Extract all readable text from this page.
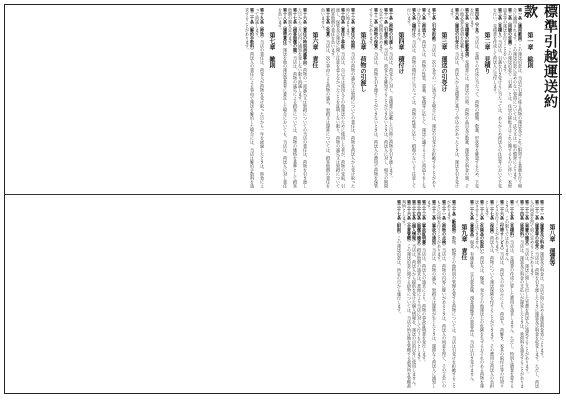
標準引越運送約款
第一章　総則
第一条（適用範囲）この運送約款は、当店が引越に係る荷物の運送及びこれに附帯する業務を行う場合に適用されます。この運送約款に定めのない事項については、法令又は一般の慣習によります。
第二条（用語の定義）この運送約款で「引越」とは、住居の移転又はこれに類するものに伴い、家財道具等の運送を行うことをいいます。
第三条（見積り）当店は、引越を引き受けるに当たっては、あらかじめ荷送人の住居等において下見を行い、見積書を作成して荷送人に交付します。
第二章　見積り
第四条（下見）当店は、見積りの作成に当たって、荷物の種類、数量、形状等を確認するため、下見を行います。
第五条（見積書の記載事項）見積書には、運送の日時、荷物の品目及び数量、運賃及び料金の額、その他必要な事項を記載します。
第六条（運送の引受け）当店は、荷送人から見積書に基づく申込みがあったときは、運送を引き受けます。
第三章　運送の引受け
第七条（引受拒絶）当店は、次の各号の一に該当する場合には、運送の引受けを拒絶することがあります。
第八条（荷造り）荷送人は、荷物の性質、重量、容積等に応じて、運送に適するように荷造りをしなければなりません。
第九条（積付け）当店は、荷物の積付けに当たっては、荷物の性質に応じ、損傷のないよう注意して行います。
第四章　積付け
第十条（荷物の引渡し）当店は、荷受人に対し、見積書に記載した日時に荷物を引き渡します。
第十一条（引渡不能）当店は、荷受人を確知することができないときは、荷送人に対し、相当の期間を定めて指図を求めます。
第十二条（荷物の保管）当店は、荷物を引き渡すことができないときは、荷送人の費用で荷物を保管することがあります。
第五章　荷物の引渡し
第十三条（責任の始期）当店の荷物の滅失又は毀損についての責任は、荷物を荷送人から受け取った時に始まります。
第十四条（責任と挙証）当店は、自己又は使用人その他運送のために使用した者が、荷物の受取、引渡し、保管及び運送に関し注意を怠らなかったことを証明しない限り、荷物の滅失又は毀損について損害賠償の責任を負います。
第十五条（免責）当店は、次の事由による荷物の滅失、毀損又は遅延については、損害賠償の責任を負いません。
第六章　責任
第十六条（責任の特別消滅事由）荷物の一部滅失又は毀損についての当店の責任は、荷物を引き渡した日から三月以内に通知を発しない限り消滅します。
第十七条（損害賠償の額）当店は、荷物の滅失による損害については、荷物の価格を基準として損害賠償の額を定めます。
第十八条（連帯責任）運送を他の運送事業者に委託した場合においても、当店は、荷送人に対し責任を負います。
第七章　雑則
第十九条（時効）当店の責任は、荷受人が荷物を受け取った日から一年を経過したときは、時効によって消滅します。
第二十条（解約手数料）荷送人の責任による事由で運送を解約した場合には、当店は解約手数料を請求することがあります。
第八章　運賃等
第二十一条（運賃及び料金）運賃及び料金は、当店が別に定める運賃料金表によります。
第二十二条（運賃等の収受）当店は、荷物を引き渡したときに運賃及び料金を収受します。ただし、荷送人の同意を得て別に定めることがあります。
第二十三条（実費の請求）当店は、運送に関し支出した実費を荷送人に請求することがあります。
第二十四条（延滞料）当店は、運賃及び料金の支払いが遅延したときは、延滞料を請求することがあります。
第二十五条（見積料）当店は、見積書の作成に要した費用を請求しません。ただし、特別な調査を要するときは、この限りではありません。
第二十六条（付帯サービス）当店は、荷送人の申込みにより、荷造り、荷解き、家具の取付け等の付帯サービスを行うことがあります。
第二十七条（保険）荷送人は、荷物について運送保険を付することができます。その費用は荷送人の負担とします。
第二十八条（危険品の取扱い）荷送人は、爆発、発火その他運送上の危険を生ずるおそれのある荷物を運送させることはできません。
第二十九条（貴重品）現金、有価証券、宝石貴金属、預金通帳等の貴重品は、当店は引き受けません。
第九章　責任
第三十条（動植物）動物、植物その他特別の管理を要する荷物については、当店は引受けを拒絶することがあります。
第三十一条（荷物の点検）当店は、荷物の内容に疑いがあるときは、荷送人の同意を得て、その立会いのもとに点検を行うことがあります。
第三十二条（事故の通知）当店は、荷物の滅失、毀損又は遅延が生じたときは、遅滞なく荷送人に通知します。
第三十三条（事故証明書）当店は、荷送人の請求により、荷物の事故証明書を発行します。
第三十四条（賠償の請求）損害賠償の請求は、書面により当店に対して行うものとします。
第三十五条（個人情報）当店は、荷送人から提供を受けた個人情報を、運送の目的以外に使用しません。
第三十六条（合意管轄）この運送約款に関する紛争については、当店の所在地を管轄する裁判所を管轄裁判所とします。
第三十七条（附則）この運送約款は、所定の日から施行します。
